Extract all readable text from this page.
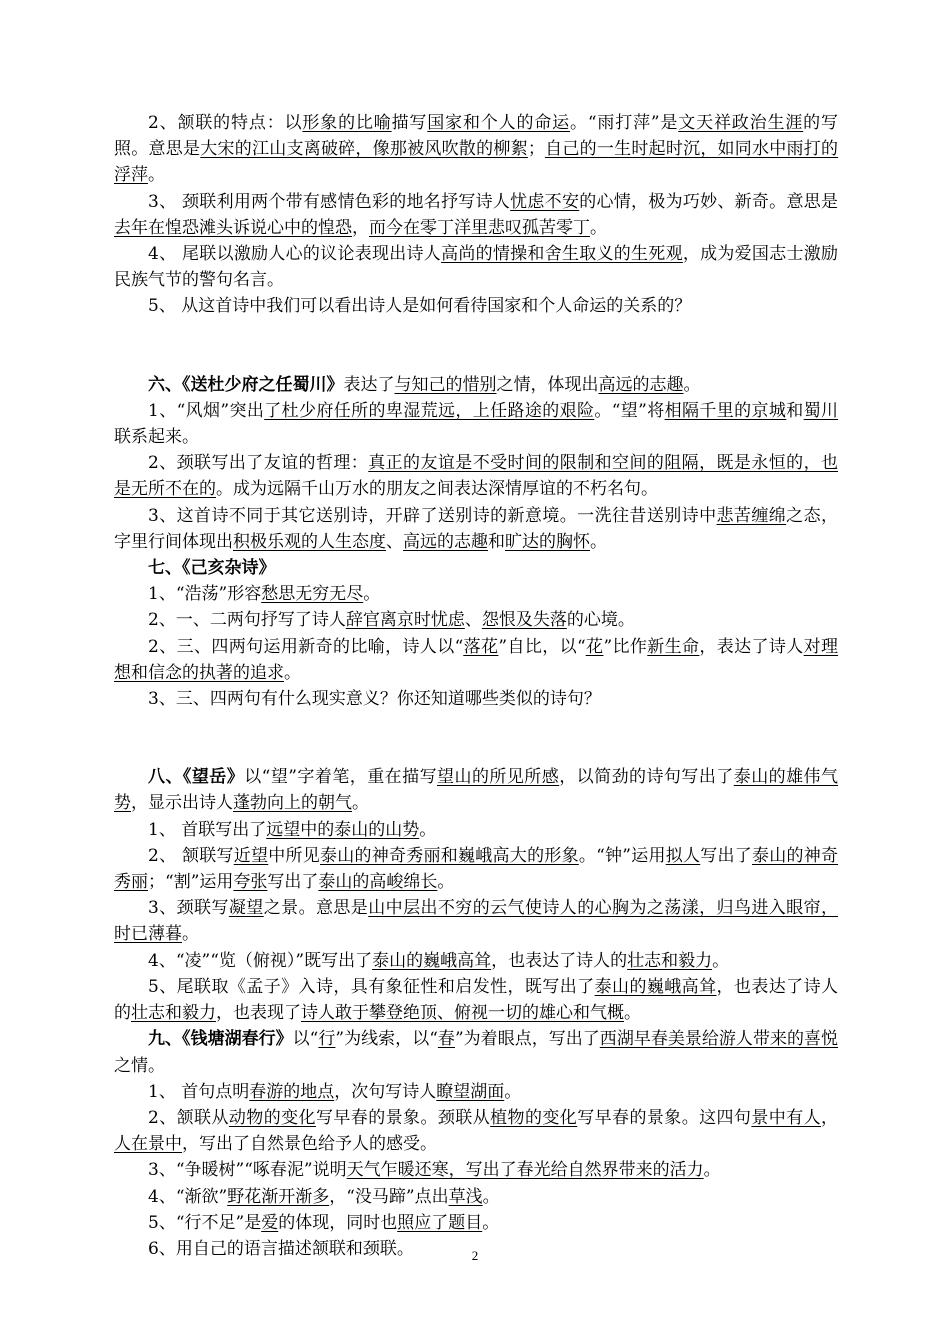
2、颔联的特点：以形象的比喻描写国家和个人的命运。“雨打萍”是文天祥政治生涯的写照。意思是大宋的江山支离破碎，像那被风吹散的柳絮；自己的一生时起时沉，如同水中雨打的浮萍。

3、 颈联利用两个带有感情色彩的地名抒写诗人忧虑不安的心情，极为巧妙、新奇。意思是去年在惶恐滩头诉说心中的惶恐，而今在零丁洋里悲叹孤苦零丁。

4、 尾联以激励人心的议论表现出诗人高尚的情操和舍生取义的生死观，成为爱国志士激励民族气节的警句名言。

5、 从这首诗中我们可以看出诗人是如何看待国家和个人命运的关系的？

六、《送杜少府之任蜀川》表达了与知己的惜别之情，体现出高远的志趣。

1、“风烟”突出了杜少府任所的卑湿荒远，上任路途的艰险。“望”将相隔千里的京城和蜀川联系起来。

2、颈联写出了友谊的哲理：真正的友谊是不受时间的限制和空间的阻隔，既是永恒的，也是无所不在的。成为远隔千山万水的朋友之间表达深情厚谊的不朽名句。

3、这首诗不同于其它送别诗，开辟了送别诗的新意境。一洗往昔送别诗中悲苦缠绵之态，字里行间体现出积极乐观的人生态度、高远的志趣和旷达的胸怀。

七、《己亥杂诗》

1、“浩荡”形容愁思无穷无尽。

2、一、二两句抒写了诗人辞官离京时忧虑、怨恨及失落的心境。

2、三、四两句运用新奇的比喻，诗人以“落花”自比，以“花”比作新生命，表达了诗人对理想和信念的执著的追求。

3、三、四两句有什么现实意义？你还知道哪些类似的诗句？

八、《望岳》以“望”字着笔，重在描写望山的所见所感，以简劲的诗句写出了泰山的雄伟气势，显示出诗人蓬勃向上的朝气。

1、 首联写出了远望中的泰山的山势。

2、 颔联写近望中所见泰山的神奇秀丽和巍峨高大的形象。“钟”运用拟人写出了泰山的神奇秀丽；“割”运用夸张写出了泰山的高峻绵长。

3、颈联写凝望之景。意思是山中层出不穷的云气使诗人的心胸为之荡漾，归鸟进入眼帘，时已薄暮。

4、“凌”“览（俯视）”既写出了泰山的巍峨高耸，也表达了诗人的壮志和毅力。

5、尾联取《孟子》入诗，具有象征性和启发性，既写出了泰山的巍峨高耸，也表达了诗人的壮志和毅力，也表现了诗人敢于攀登绝顶、俯视一切的雄心和气概。

九、《钱塘湖春行》以“行”为线索，以“春”为着眼点，写出了西湖早春美景给游人带来的喜悦之情。

1、 首句点明春游的地点，次句写诗人瞭望湖面。

2、颔联从动物的变化写早春的景象。颈联从植物的变化写早春的景象。这四句景中有人，人在景中，写出了自然景色给予人的感受。

3、“争暖树”“啄春泥”说明天气乍暖还寒，写出了春光给自然界带来的活力。

4、“渐欲”野花渐开渐多，“没马蹄”点出草浅。

5、“行不足”是爱的体现，同时也照应了题目。

6、用自己的语言描述颔联和颈联。	2
